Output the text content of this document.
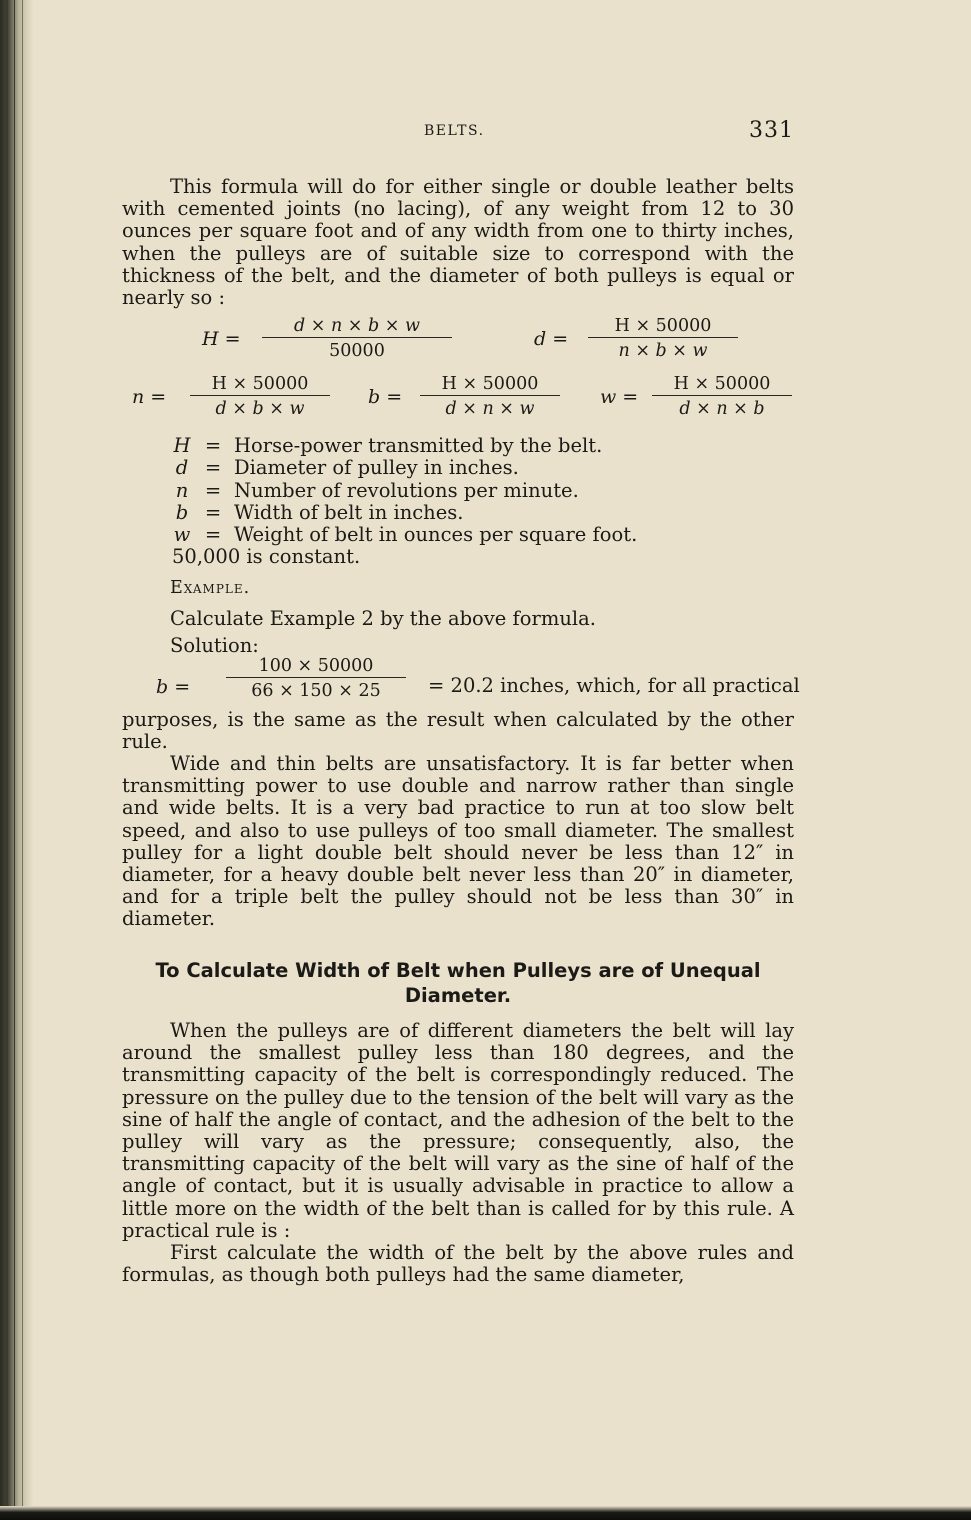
BELTS.	331

This formula will do for either single or double leather belts with cemented joints (no lacing), of any weight from 12 to 30 ounces per square foot and of any width from one to thirty inches, when the pulleys are of suitable size to correspond with the thickness of the belt, and the diameter of both pulleys is equal or nearly so :

H =
d × n × b × w
50000
d =
H × 50000
n × b × w
n =
H × 50000
d × b × w
b =
H × 50000
d × n × w
w =
H × 50000
d × n × b
H = Horse-power transmitted by the belt.
d = Diameter of pulley in inches.
n = Number of revolutions per minute.
b = Width of belt in inches.
w = Weight of belt in ounces per square foot.
50,000 is constant.
Example.
Calculate Example 2 by the above formula.
Solution:
b =
100 × 50000
66 × 150 × 25	= 20.2 inches, which, for all practical

purposes, is the same as the result when calculated by the other rule.

Wide and thin belts are unsatisfactory. It is far better when transmitting power to use double and narrow rather than single and wide belts. It is a very bad practice to run at too slow belt speed, and also to use pulleys of too small diameter. The smallest pulley for a light double belt should never be less than 12″ in diameter, for a heavy double belt never less than 20″ in diameter, and for a triple belt the pulley should not be less than 30″ in diameter.

To Calculate Width of Belt when Pulleys are of Unequal
Diameter.

When the pulleys are of different diameters the belt will lay around the smallest pulley less than 180 degrees, and the transmitting capacity of the belt is correspondingly reduced. The pressure on the pulley due to the tension of the belt will vary as the sine of half the angle of contact, and the adhesion of the belt to the pulley will vary as the pressure; consequently, also, the transmitting capacity of the belt will vary as the sine of half of the angle of contact, but it is usually advisable in practice to allow a little more on the width of the belt than is called for by this rule. A practical rule is :

First calculate the width of the belt by the above rules and formulas, as though both pulleys had the same diameter,
